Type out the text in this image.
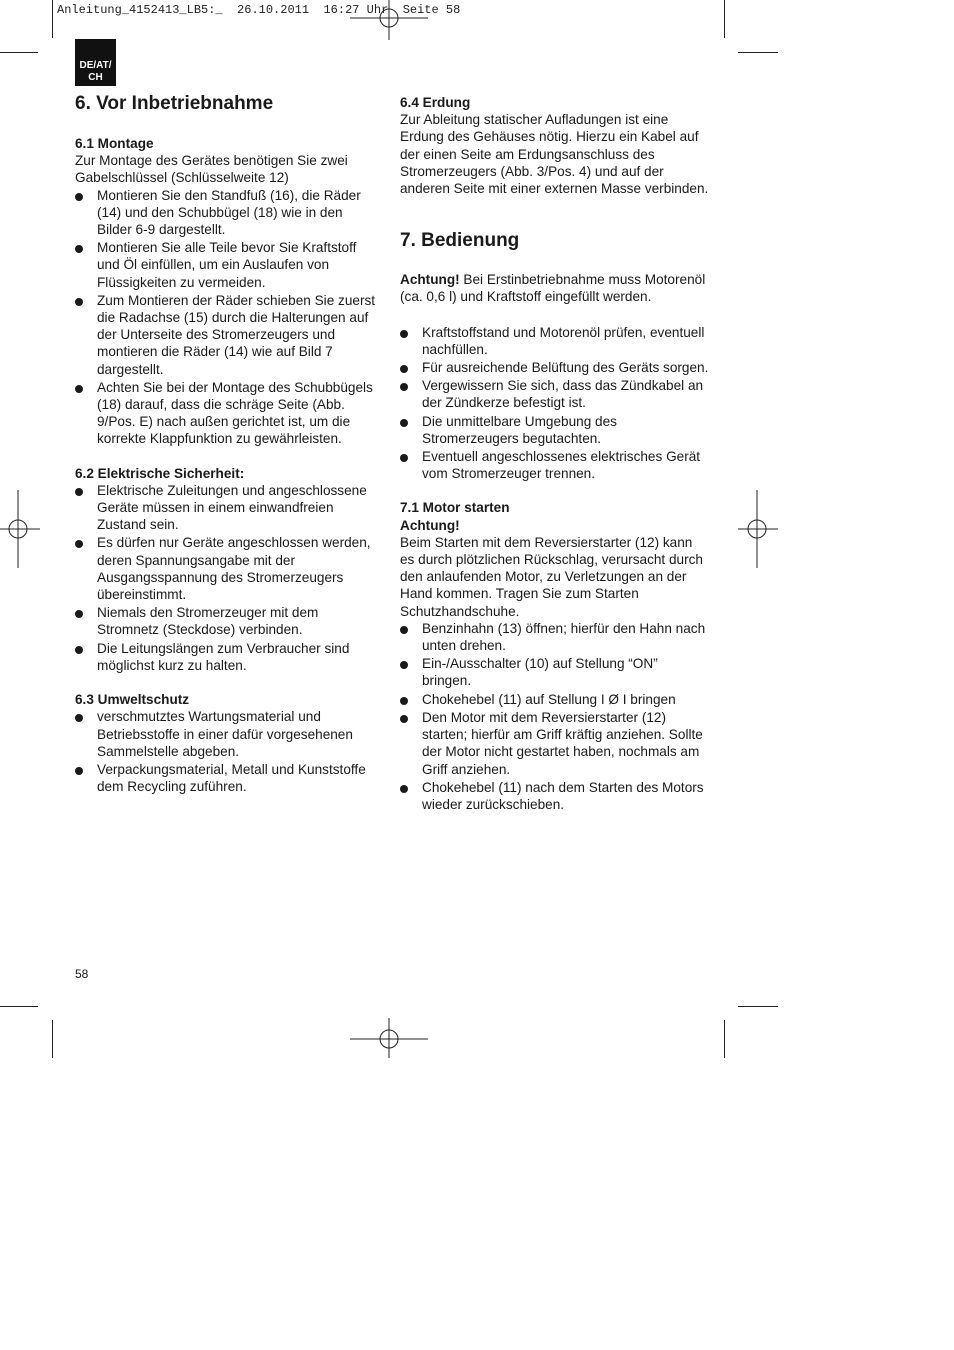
Anleitung_4152413_LB5:_ 26.10.2011 16:27 Uhr Seite 58
DE/AT/
CH
6. Vor Inbetriebnahme
6.1 Montage

Zur Montage des Gerätes benötigen Sie zwei Gabelschlüssel (Schlüsselweite 12)

Montieren Sie den Standfuß (16), die Räder (14) und den Schubbügel (18) wie in den Bilder 6-9 dargestellt.
Montieren Sie alle Teile bevor Sie Kraftstoff und Öl einfüllen, um ein Auslaufen von Flüssigkeiten zu vermeiden.
Zum Montieren der Räder schieben Sie zuerst die Radachse (15) durch die Halterungen auf der Unterseite des Stromerzeugers und montieren die Räder (14) wie auf Bild 7 dargestellt.
Achten Sie bei der Montage des Schubbügels (18) darauf, dass die schräge Seite (Abb. 9/Pos. E) nach außen gerichtet ist, um die korrekte Klappfunktion zu gewährleisten.
6.2 Elektrische Sicherheit:
Elektrische Zuleitungen und angeschlossene Geräte müssen in einem einwandfreien Zustand sein.
Es dürfen nur Geräte angeschlossen werden, deren Spannungsangabe mit der Ausgangsspannung des Stromerzeugers übereinstimmt.
Niemals den Stromerzeuger mit dem Stromnetz (Steckdose) verbinden.
Die Leitungslängen zum Verbraucher sind möglichst kurz zu halten.
6.3 Umweltschutz
verschmutztes Wartungsmaterial und Betriebsstoffe in einer dafür vorgesehenen Sammelstelle abgeben.
Verpackungsmaterial, Metall und Kunststoffe dem Recycling zuführen.
6.4 Erdung

Zur Ableitung statischer Aufladungen ist eine Erdung des Gehäuses nötig. Hierzu ein Kabel auf der einen Seite am Erdungsanschluss des Stromerzeugers (Abb. 3/Pos. 4) und auf der anderen Seite mit einer externen Masse verbinden.

7. Bedienung

Achtung! Bei Erstinbetriebnahme muss Motorenöl (ca. 0,6 l) und Kraftstoff eingefüllt werden.

Kraftstoffstand und Motorenöl prüfen, eventuell nachfüllen.
Für ausreichende Belüftung des Geräts sorgen.
Vergewissern Sie sich, dass das Zündkabel an der Zündkerze befestigt ist.
Die unmittelbare Umgebung des Stromerzeugers begutachten.
Eventuell angeschlossenes elektrisches Gerät vom Stromerzeuger trennen.
7.1 Motor starten
Achtung!

Beim Starten mit dem Reversierstarter (12) kann es durch plötzlichen Rückschlag, verursacht durch den anlaufenden Motor, zu Verletzungen an der Hand kommen. Tragen Sie zum Starten Schutzhandschuhe.

Benzinhahn (13) öffnen; hierfür den Hahn nach unten drehen.
Ein-/Ausschalter (10) auf Stellung “ON” bringen.
Chokehebel (11) auf Stellung I Ø I bringen
Den Motor mit dem Reversierstarter (12) starten; hierfür am Griff kräftig anziehen. Sollte der Motor nicht gestartet haben, nochmals am Griff anziehen.
Chokehebel (11) nach dem Starten des Motors wieder zurückschieben.
58
